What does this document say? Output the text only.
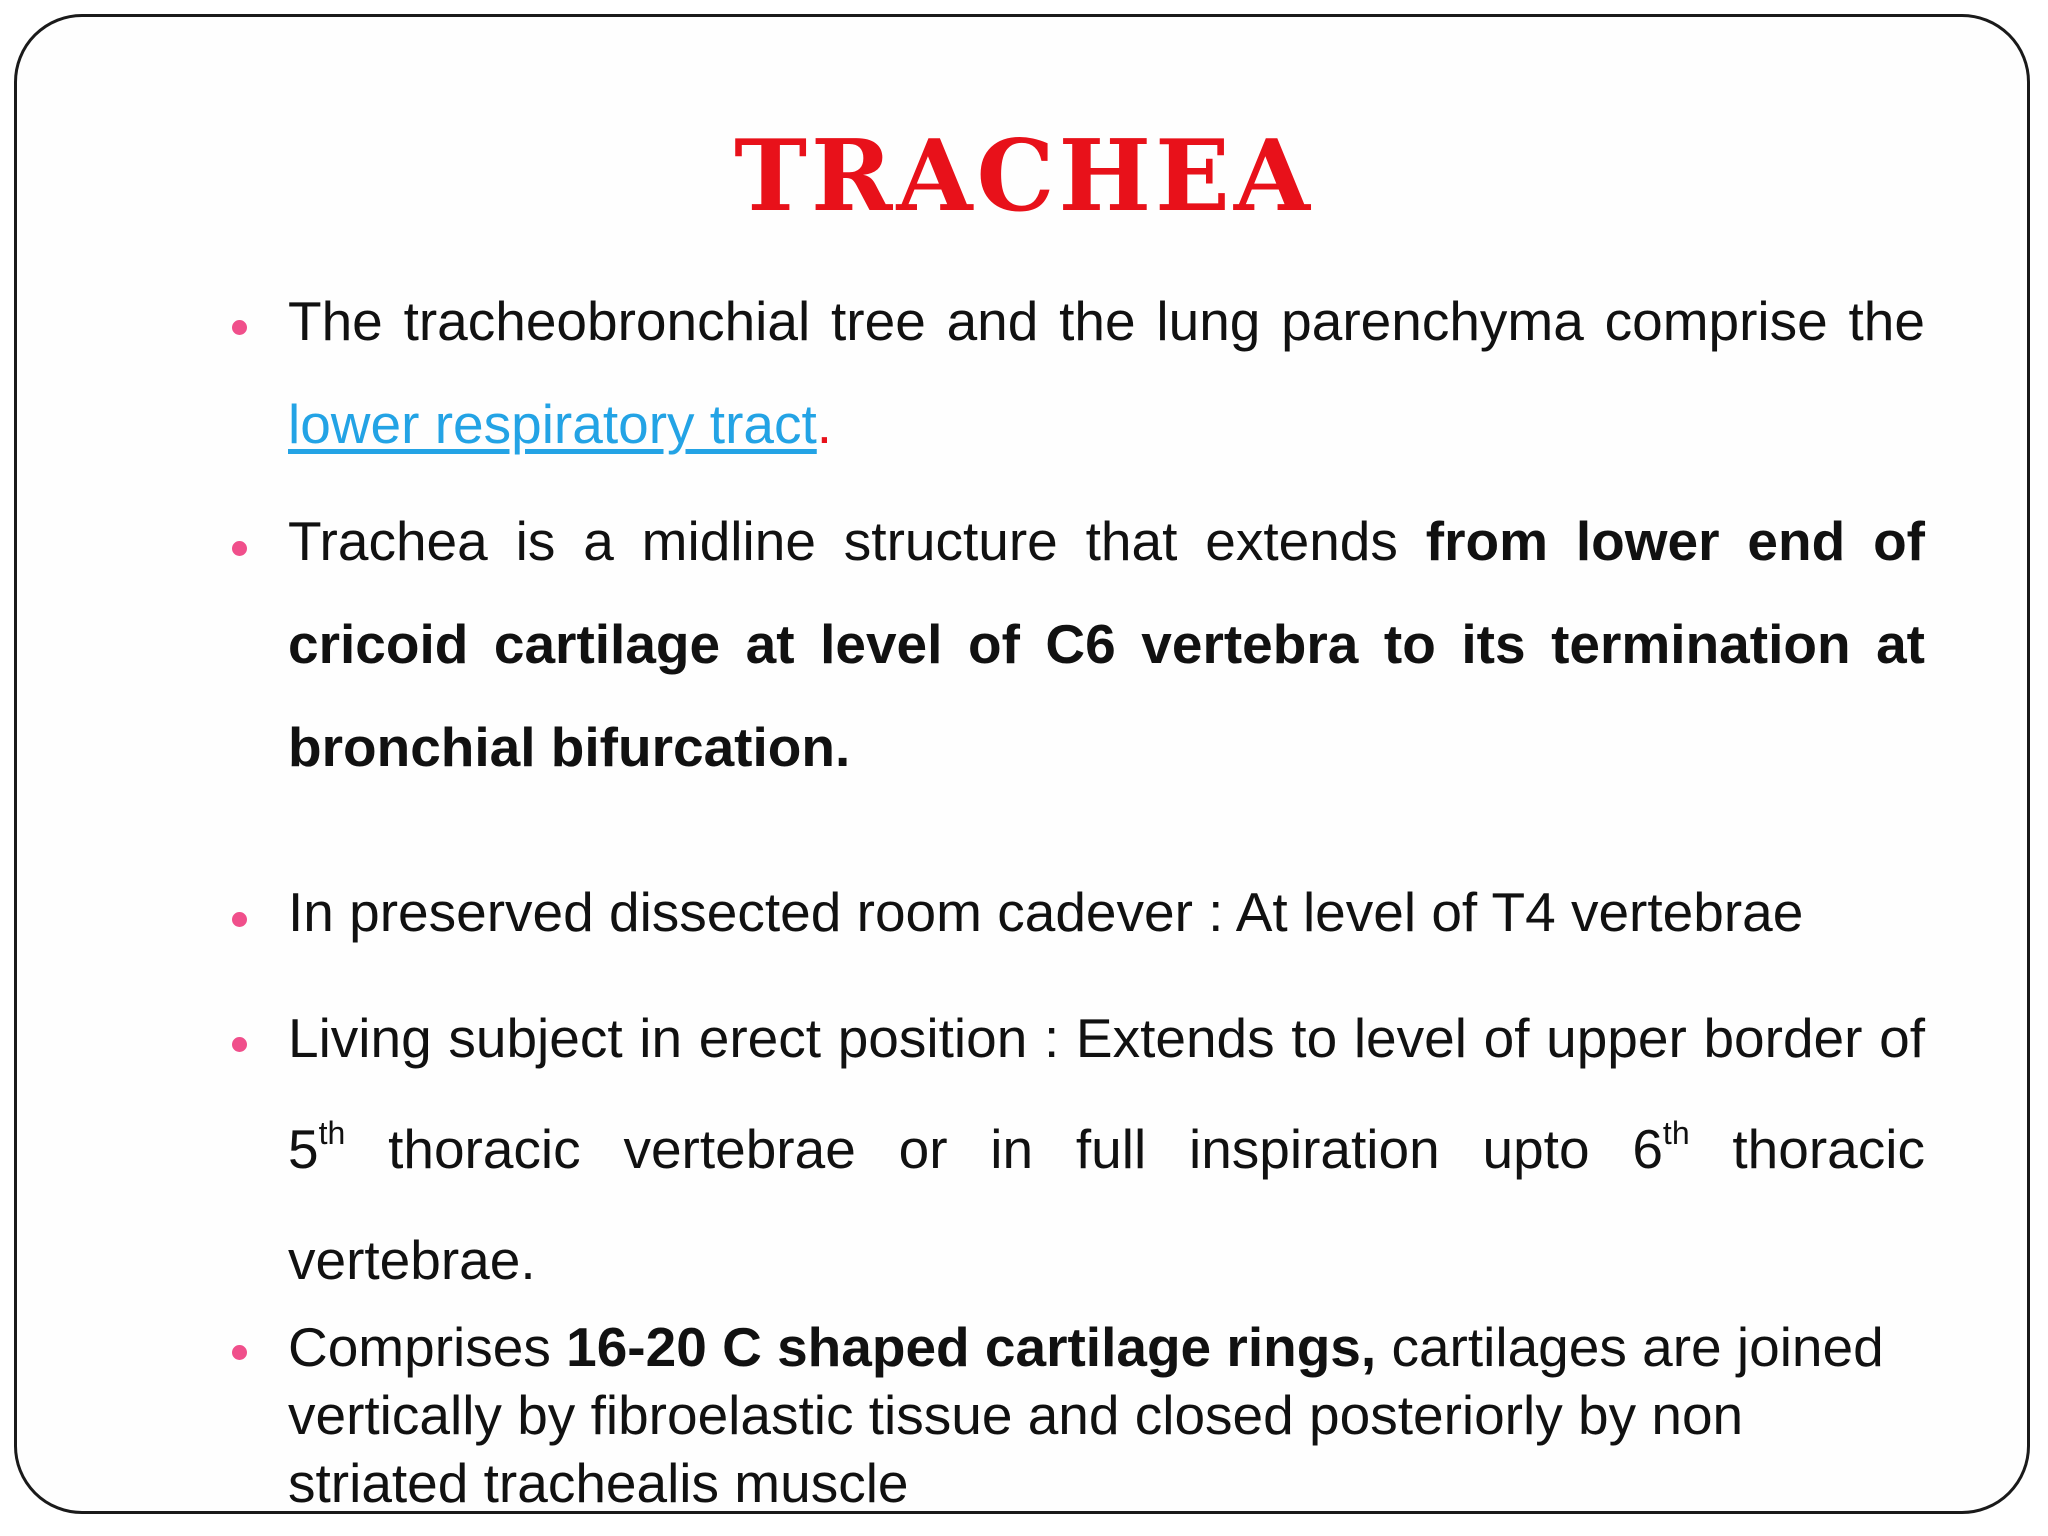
TRACHEA
The tracheobronchial tree and the lung parenchyma comprise the lower respiratory tract.
Trachea is a midline structure that extends from lower end of cricoid cartilage at level of C6 vertebra to its termination at bronchial bifurcation.
In preserved dissected room cadever : At level of T4 vertebrae
Living subject in erect position : Extends to level of upper border of 5th thoracic vertebrae or in full inspiration upto 6th thoracic vertebrae.
Comprises 16-20 C shaped cartilage rings, cartilages are joined vertically by fibroelastic tissue and closed posteriorly by non striated trachealis muscle
